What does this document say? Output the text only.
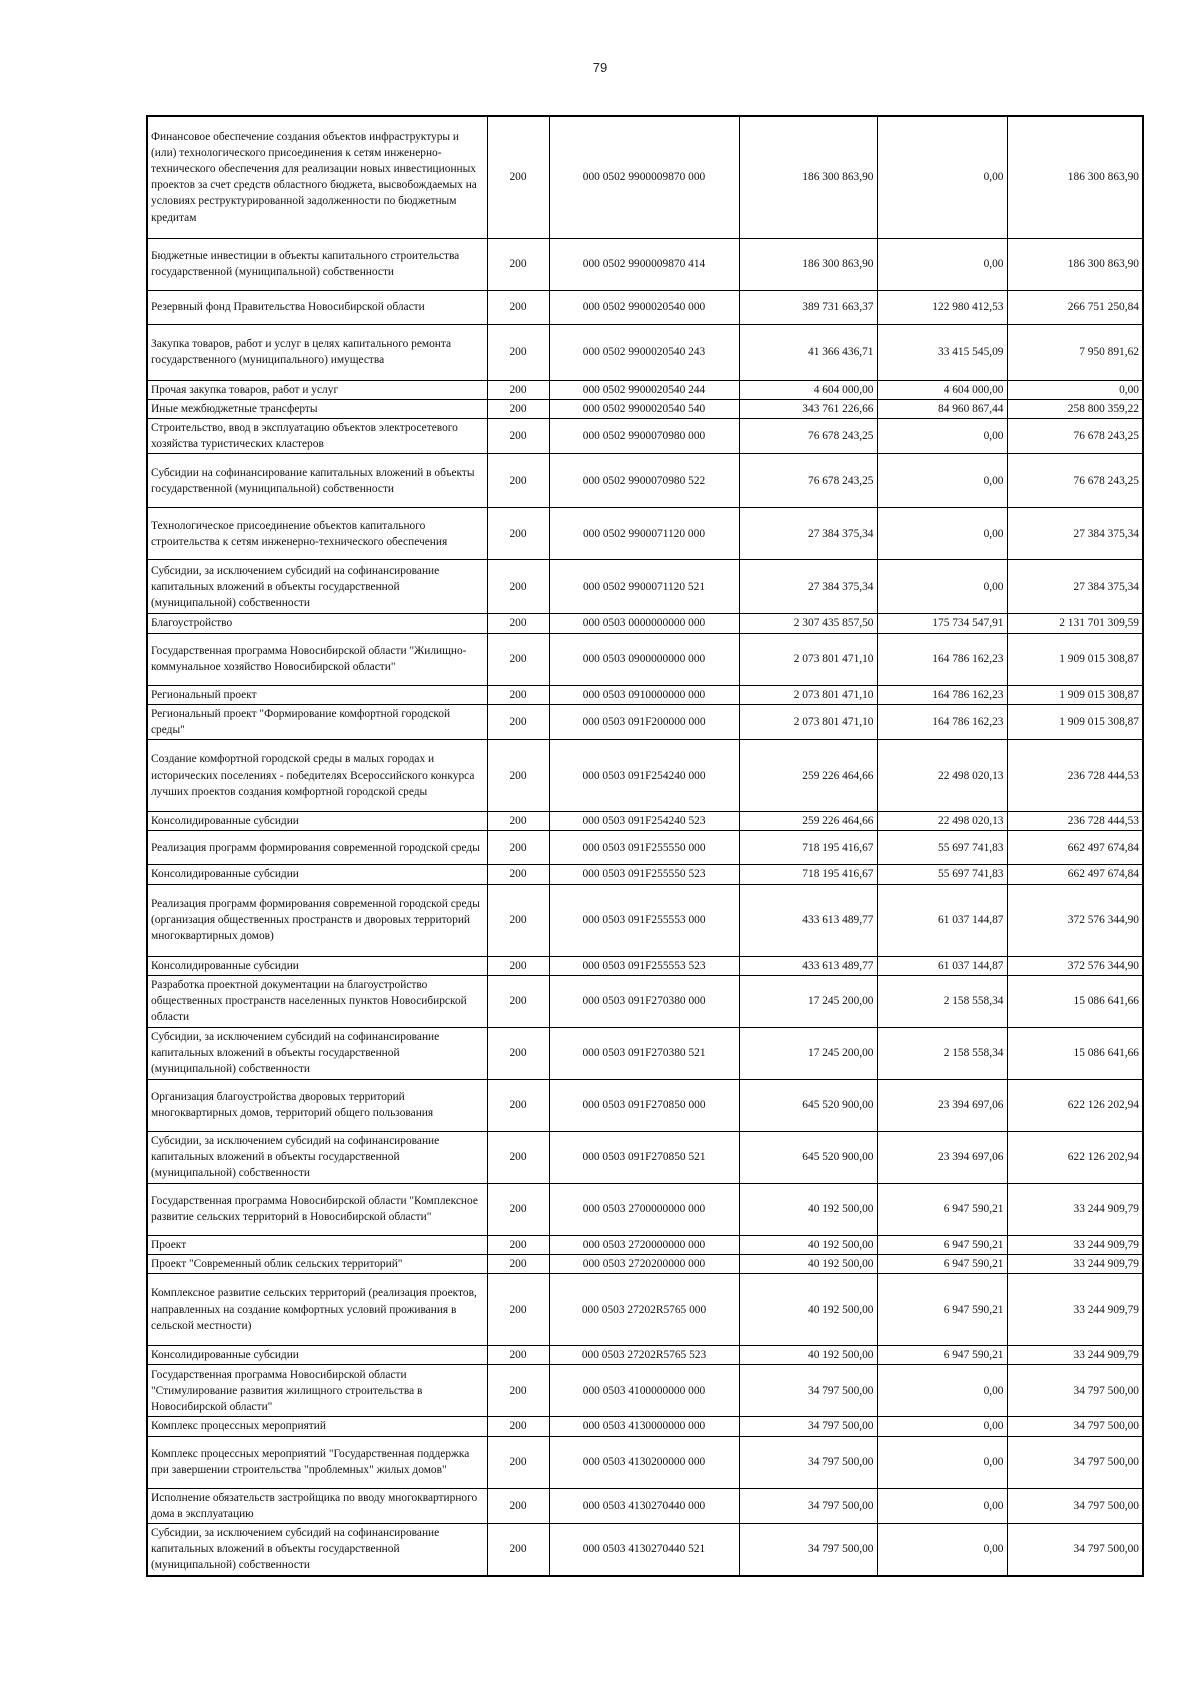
79
Финансовое обеспечение создания объектов инфраструктуры и (или) технологического присоединения к сетям инженерно-технического обеспечения для реализации новых инвестиционных проектов за счет средств областного бюджета, высвобождаемых на условиях реструктурированной задолженности по бюджетным кредитам	200	000 0502 9900009870 000	186 300 863,90	0,00	186 300 863,90
Бюджетные инвестиции в объекты капитального строительства государственной (муниципальной) собственности	200	000 0502 9900009870 414	186 300 863,90	0,00	186 300 863,90
Резервный фонд Правительства Новосибирской области	200	000 0502 9900020540 000	389 731 663,37	122 980 412,53	266 751 250,84
Закупка товаров, работ и услуг в целях капитального ремонта государственного (муниципального) имущества	200	000 0502 9900020540 243	41 366 436,71	33 415 545,09	7 950 891,62
Прочая закупка товаров, работ и услуг	200	000 0502 9900020540 244	4 604 000,00	4 604 000,00	0,00
Иные межбюджетные трансферты	200	000 0502 9900020540 540	343 761 226,66	84 960 867,44	258 800 359,22
Строительство, ввод в эксплуатацию объектов электросетевого хозяйства туристических кластеров	200	000 0502 9900070980 000	76 678 243,25	0,00	76 678 243,25
Субсидии на софинансирование капитальных вложений в объекты государственной (муниципальной) собственности	200	000 0502 9900070980 522	76 678 243,25	0,00	76 678 243,25
Технологическое присоединение объектов капитального строительства к сетям инженерно-технического обеспечения	200	000 0502 9900071120 000	27 384 375,34	0,00	27 384 375,34
Субсидии, за исключением субсидий на софинансирование капитальных вложений в объекты государственной (муниципальной) собственности	200	000 0502 9900071120 521	27 384 375,34	0,00	27 384 375,34
Благоустройство	200	000 0503 0000000000 000	2 307 435 857,50	175 734 547,91	2 131 701 309,59
Государственная программа Новосибирской области "Жилищно-коммунальное хозяйство Новосибирской области"	200	000 0503 0900000000 000	2 073 801 471,10	164 786 162,23	1 909 015 308,87
Региональный проект	200	000 0503 0910000000 000	2 073 801 471,10	164 786 162,23	1 909 015 308,87
Региональный проект "Формирование комфортной городской среды"	200	000 0503 091F200000 000	2 073 801 471,10	164 786 162,23	1 909 015 308,87
Создание комфортной городской среды в малых городах и исторических поселениях - победителях Всероссийского конкурса лучших проектов создания комфортной городской среды	200	000 0503 091F254240 000	259 226 464,66	22 498 020,13	236 728 444,53
Консолидированные субсидии	200	000 0503 091F254240 523	259 226 464,66	22 498 020,13	236 728 444,53
Реализация программ формирования современной городской среды	200	000 0503 091F255550 000	718 195 416,67	55 697 741,83	662 497 674,84
Консолидированные субсидии	200	000 0503 091F255550 523	718 195 416,67	55 697 741,83	662 497 674,84
Реализация программ формирования современной городской среды (организация общественных пространств и дворовых территорий многоквартирных домов)	200	000 0503 091F255553 000	433 613 489,77	61 037 144,87	372 576 344,90
Консолидированные субсидии	200	000 0503 091F255553 523	433 613 489,77	61 037 144,87	372 576 344,90
Разработка проектной документации на благоустройство общественных пространств населенных пунктов Новосибирской области	200	000 0503 091F270380 000	17 245 200,00	2 158 558,34	15 086 641,66
Субсидии, за исключением субсидий на софинансирование капитальных вложений в объекты государственной (муниципальной) собственности	200	000 0503 091F270380 521	17 245 200,00	2 158 558,34	15 086 641,66
Организация благоустройства дворовых территорий многоквартирных домов, территорий общего пользования	200	000 0503 091F270850 000	645 520 900,00	23 394 697,06	622 126 202,94
Субсидии, за исключением субсидий на софинансирование капитальных вложений в объекты государственной (муниципальной) собственности	200	000 0503 091F270850 521	645 520 900,00	23 394 697,06	622 126 202,94
Государственная программа Новосибирской области "Комплексное развитие сельских территорий в Новосибирской области"	200	000 0503 2700000000 000	40 192 500,00	6 947 590,21	33 244 909,79
Проект	200	000 0503 2720000000 000	40 192 500,00	6 947 590,21	33 244 909,79
Проект "Современный облик сельских территорий"	200	000 0503 2720200000 000	40 192 500,00	6 947 590,21	33 244 909,79
Комплексное развитие сельских территорий (реализация проектов, направленных на создание комфортных условий проживания в сельской местности)	200	000 0503 27202R5765 000	40 192 500,00	6 947 590,21	33 244 909,79
Консолидированные субсидии	200	000 0503 27202R5765 523	40 192 500,00	6 947 590,21	33 244 909,79
Государственная программа Новосибирской области "Стимулирование развития жилищного строительства в Новосибирской области"	200	000 0503 4100000000 000	34 797 500,00	0,00	34 797 500,00
Комплекс процессных мероприятий	200	000 0503 4130000000 000	34 797 500,00	0,00	34 797 500,00
Комплекс процессных мероприятий "Государственная поддержка при завершении строительства "проблемных" жилых домов"	200	000 0503 4130200000 000	34 797 500,00	0,00	34 797 500,00
Исполнение обязательств застройщика по вводу многоквартирного дома в эксплуатацию	200	000 0503 4130270440 000	34 797 500,00	0,00	34 797 500,00
Субсидии, за исключением субсидий на софинансирование капитальных вложений в объекты государственной (муниципальной) собственности	200	000 0503 4130270440 521	34 797 500,00	0,00	34 797 500,00
